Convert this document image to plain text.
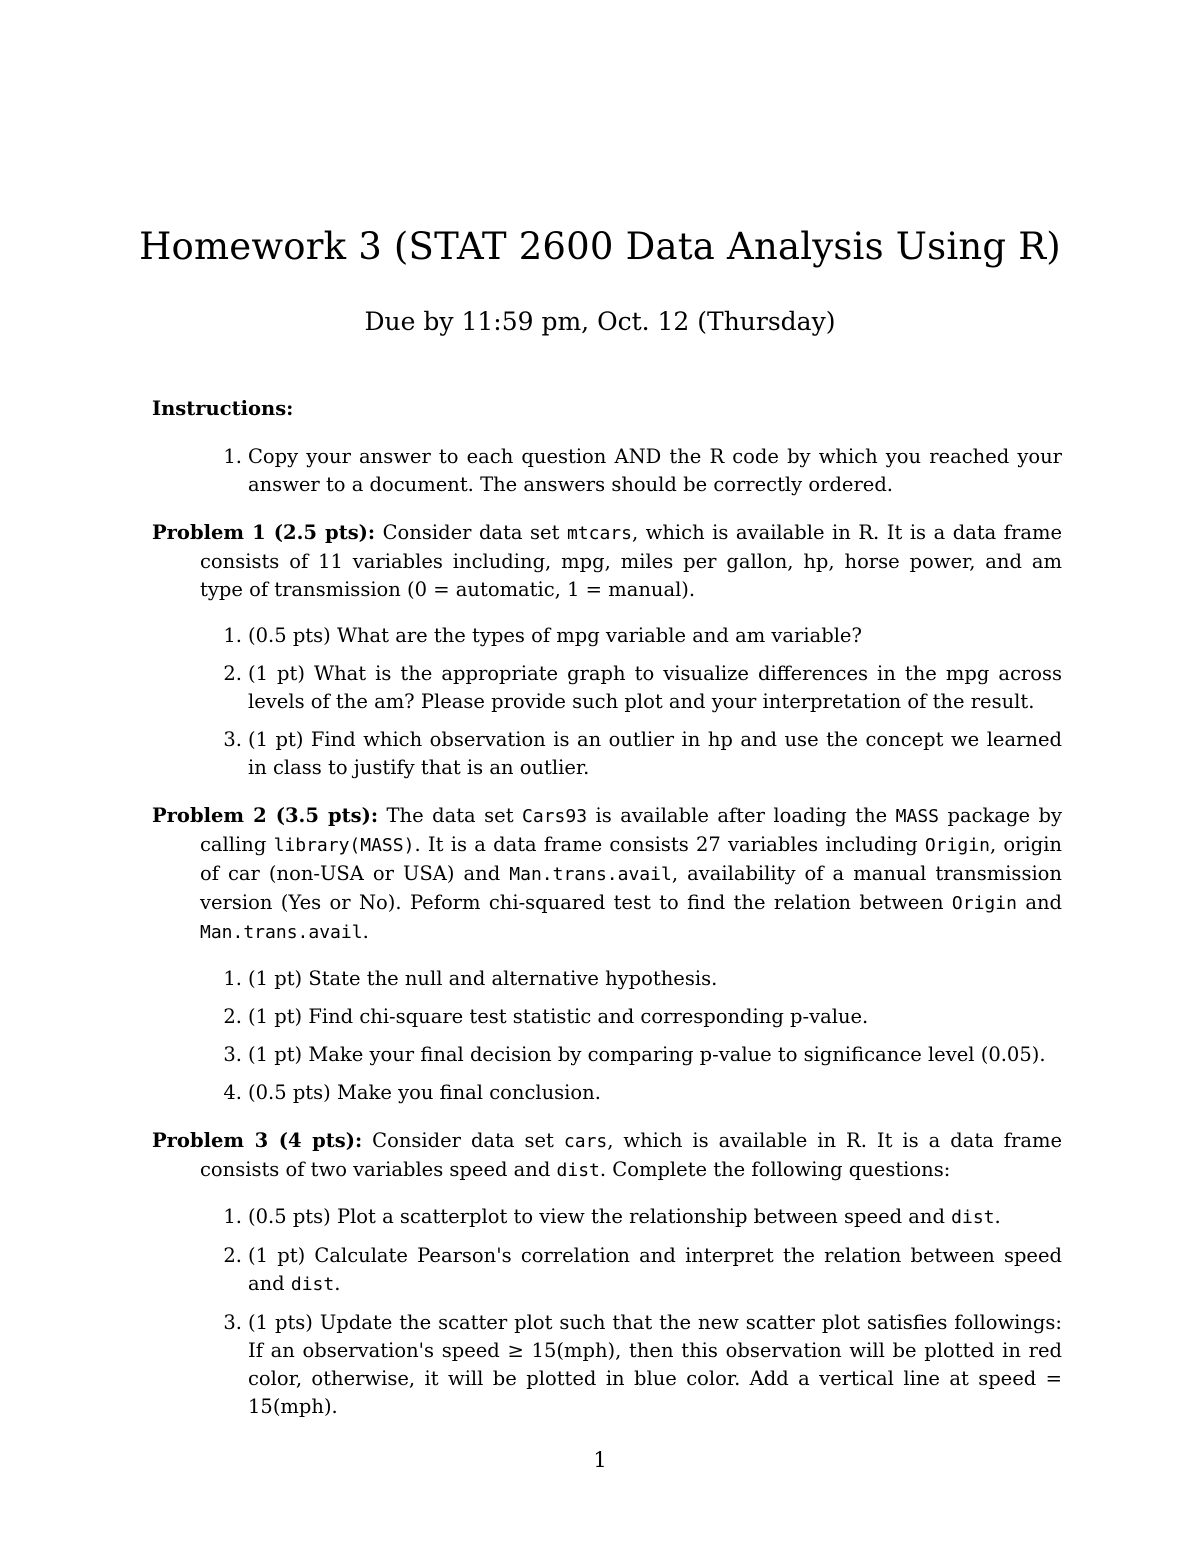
Homework 3 (STAT 2600 Data Analysis Using R)
Due by 11:59 pm, Oct. 12 (Thursday)

Instructions:

1. Copy your answer to each question AND the R code by which you reached your answer to a document. The answers should be correctly ordered.

Problem 1 (2.5 pts): Consider data set mtcars, which is available in R. It is a data frame consists of 11 variables including, mpg, miles per gallon, hp, horse power, and am type of transmission (0 = automatic, 1 = manual).

1. (0.5 pts) What are the types of mpg variable and am variable?
2. (1 pt) What is the appropriate graph to visualize differences in the mpg across levels of the am? Please provide such plot and your interpretation of the result.
3. (1 pt) Find which observation is an outlier in hp and use the concept we learned in class to justify that is an outlier.

Problem 2 (3.5 pts): The data set Cars93 is available after loading the MASS package by calling library(MASS). It is a data frame consists 27 variables including Origin, origin of car (non-USA or USA) and Man.trans.avail, availability of a manual transmission version (Yes or No). Peform chi-squared test to find the relation between Origin and Man.trans.avail.

1. (1 pt) State the null and alternative hypothesis.
2. (1 pt) Find chi-square test statistic and corresponding p-value.
3. (1 pt) Make your final decision by comparing p-value to significance level (0.05).
4. (0.5 pts) Make you final conclusion.

Problem 3 (4 pts): Consider data set cars, which is available in R. It is a data frame consists of two variables speed and dist. Complete the following questions:

1. (0.5 pts) Plot a scatterplot to view the relationship between speed and dist.
2. (1 pt) Calculate Pearson's correlation and interpret the relation between speed and dist.
3. (1 pts) Update the scatter plot such that the new scatter plot satisfies followings: If an observation's speed ≥ 15(mph), then this observation will be plotted in red color, otherwise, it will be plotted in blue color. Add a vertical line at speed = 15(mph).
1
